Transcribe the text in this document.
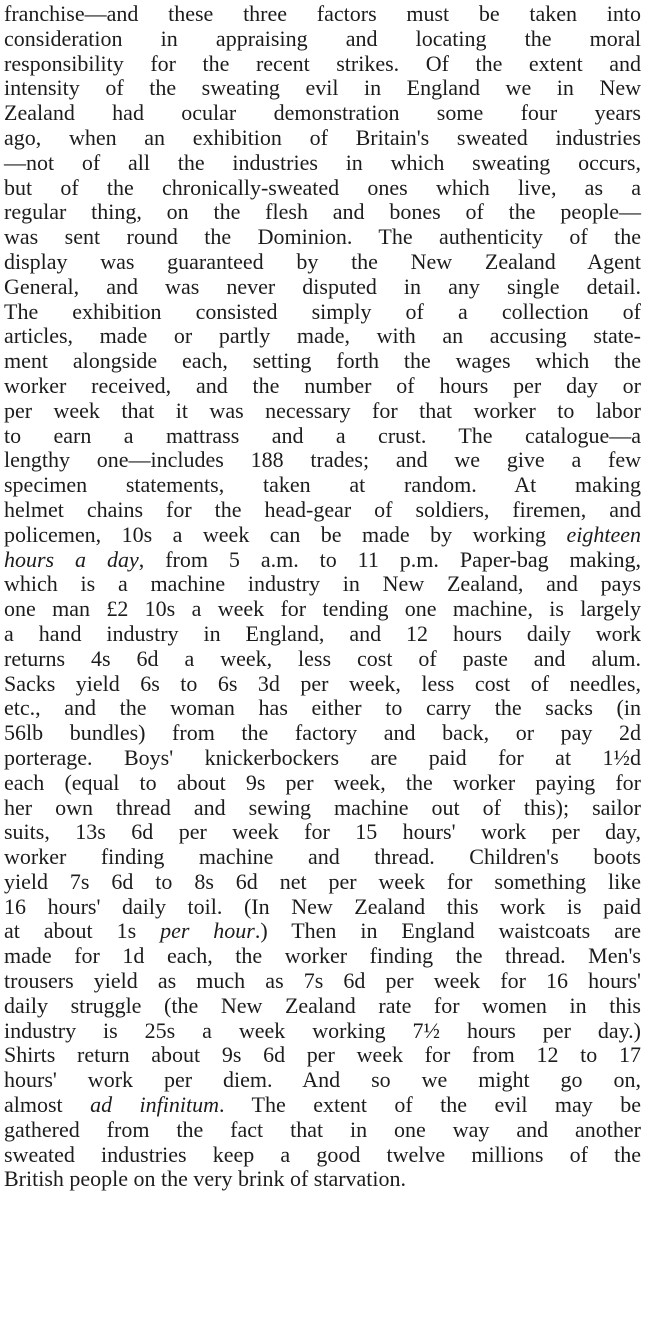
franchise—and these three factors must be taken into
consideration in appraising and locating the moral
responsibility for the recent strikes. Of the extent and
intensity of the sweating evil in England we in New
Zealand had ocular demonstration some four years
ago, when an exhibition of Britain's sweated industries
—not of all the industries in which sweating occurs,
but of the chronically-sweated ones which live, as a
regular thing, on the flesh and bones of the people—
was sent round the Dominion. The authenticity of the
display was guaranteed by the New Zealand Agent
General, and was never disputed in any single detail.
The exhibition consisted simply of a collection of
articles, made or partly made, with an accusing state-
ment alongside each, setting forth the wages which the
worker received, and the number of hours per day or
per week that it was necessary for that worker to labor
to earn a mattrass and a crust. The catalogue—a
lengthy one—includes 188 trades; and we give a few
specimen statements, taken at random. At making
helmet chains for the head-gear of soldiers, firemen, and
policemen, 10s a week can be made by working eighteen
hours a day, from 5 a.m. to 11 p.m. Paper-bag making,
which is a machine industry in New Zealand, and pays
one man £2 10s a week for tending one machine, is largely
a hand industry in England, and 12 hours daily work
returns 4s 6d a week, less cost of paste and alum.
Sacks yield 6s to 6s 3d per week, less cost of needles,
etc., and the woman has either to carry the sacks (in
56lb bundles) from the factory and back, or pay 2d
porterage. Boys' knickerbockers are paid for at 1½d
each (equal to about 9s per week, the worker paying for
her own thread and sewing machine out of this); sailor
suits, 13s 6d per week for 15 hours' work per day,
worker finding machine and thread. Children's boots
yield 7s 6d to 8s 6d net per week for something like
16 hours' daily toil. (In New Zealand this work is paid
at about 1s per hour.) Then in England waistcoats are
made for 1d each, the worker finding the thread. Men's
trousers yield as much as 7s 6d per week for 16 hours'
daily struggle (the New Zealand rate for women in this
industry is 25s a week working 7½ hours per day.)
Shirts return about 9s 6d per week for from 12 to 17
hours' work per diem. And so we might go on,
almost ad infinitum. The extent of the evil may be
gathered from the fact that in one way and another
sweated industries keep a good twelve millions of the
British people on the very brink of starvation.
